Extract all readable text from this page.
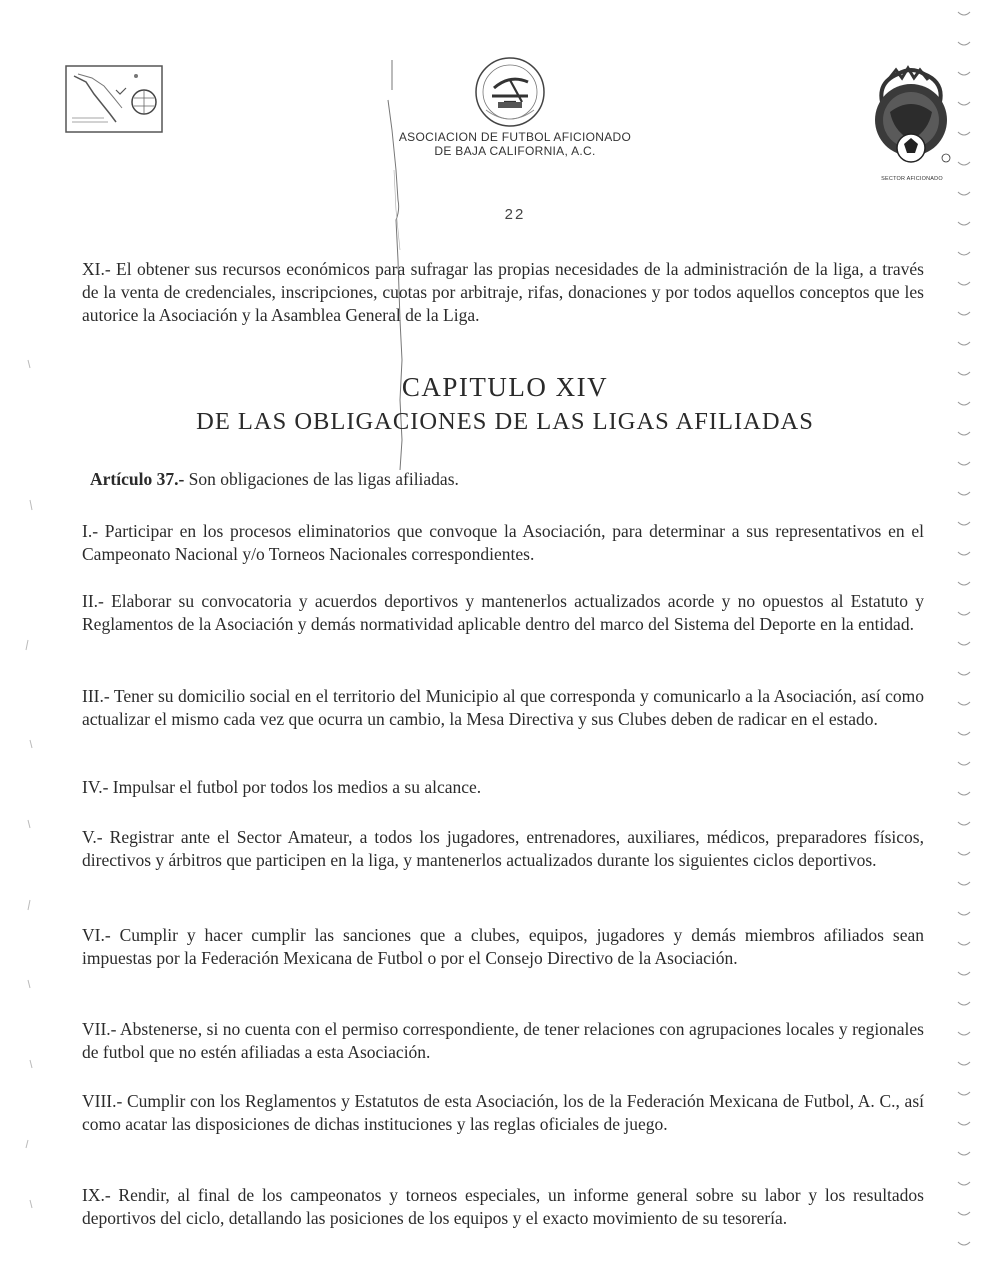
ASOCIACION DE FUTBOL AFICIONADO
DE BAJA CALIFORNIA, A.C.
SECTOR AFICIONADO
22

XI.- El obtener sus recursos económicos para sufragar las propias necesidades de la administración de la liga, a través de la venta de credenciales, inscripciones, cuotas por arbitraje, rifas, donaciones y por todos aquellos conceptos que les autorice la Asociación y la Asamblea General de la Liga.

CAPITULO XIV
DE LAS OBLIGACIONES DE LAS LIGAS AFILIADAS
Artículo 37.- Son obligaciones de las ligas afiliadas.

I.- Participar en los procesos eliminatorios que convoque la Asociación, para determinar a sus representativos en el Campeonato Nacional y/o Torneos Nacionales correspondientes.

II.- Elaborar su convocatoria y acuerdos deportivos y mantenerlos actualizados acorde y no opuestos al Estatuto y Reglamentos de la Asociación y demás normatividad aplicable dentro del marco del Sistema del Deporte en la entidad.

III.- Tener su domicilio social en el territorio del Municipio al que corresponda y comunicarlo a la Asociación, así como actualizar el mismo cada vez que ocurra un cambio, la Mesa Directiva y sus Clubes deben de radicar en el estado.

IV.- Impulsar el futbol por todos los medios a su alcance.

V.- Registrar ante el Sector Amateur, a todos los jugadores, entrenadores, auxiliares, médicos, preparadores físicos, directivos y árbitros que participen en la liga, y mantenerlos actualizados durante los siguientes ciclos deportivos.

VI.- Cumplir y hacer cumplir las sanciones que a clubes, equipos, jugadores y demás miembros afiliados sean impuestas por la Federación Mexicana de Futbol o por el Consejo Directivo de la Asociación.

VII.- Abstenerse, si no cuenta con el permiso correspondiente, de tener relaciones con agrupaciones locales y regionales de futbol que no estén afiliadas a esta Asociación.

VIII.- Cumplir con los Reglamentos y Estatutos de esta Asociación, los de la Federación Mexicana de Futbol, A. C., así como acatar las disposiciones de dichas instituciones y las reglas oficiales de juego.

IX.- Rendir, al final de los campeonatos y torneos especiales, un informe general sobre su labor y los resultados deportivos del ciclo, detallando las posiciones de los equipos y el exacto movimiento de su tesorería.
